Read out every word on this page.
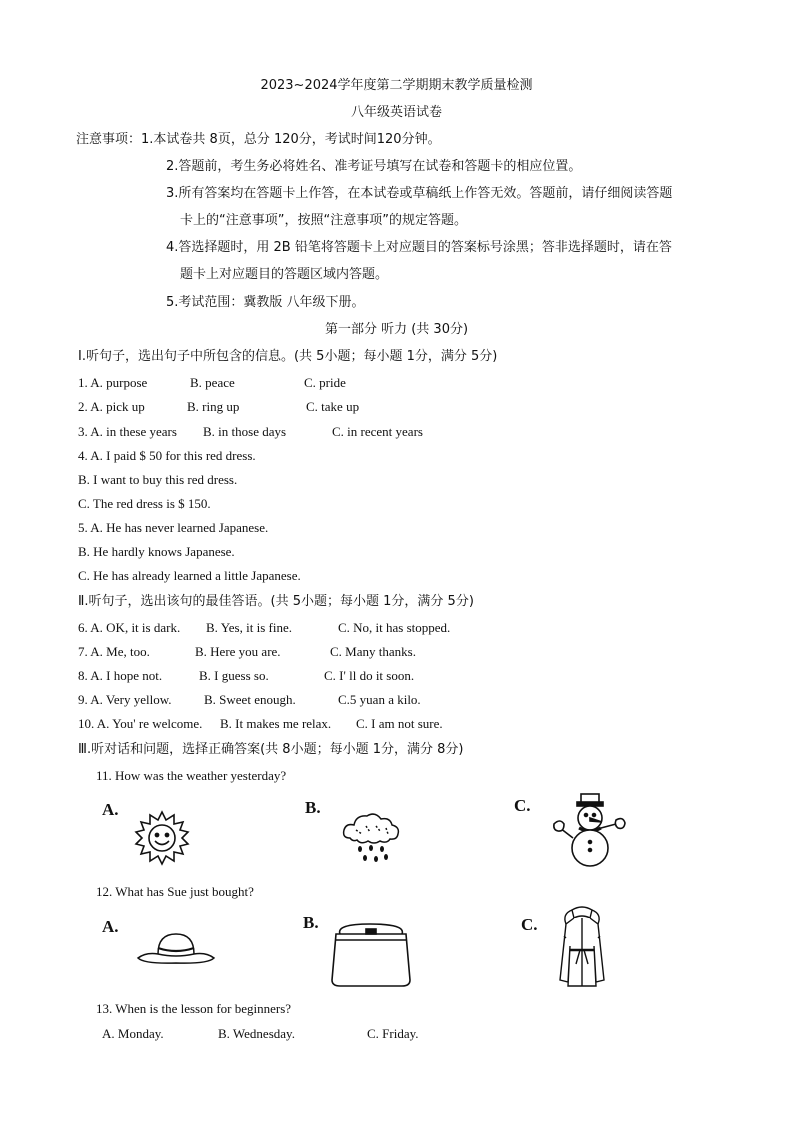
2023~2024学年度第二学期期末教学质量检测
八年级英语试卷
注意事项：1.本试卷共 8页，总分 120分，考试时间120分钟。
2.答题前，考生务必将姓名、准考证号填写在试卷和答题卡的相应位置。
3.所有答案均在答题卡上作答，在本试卷或草稿纸上作答无效。答题前，请仔细阅读答题
卡上的“注意事项”，按照“注意事项”的规定答题。
4.答选择题时，用 2B 铅笔将答题卡上对应题目的答案标号涂黑；答非选择题时，请在答
题卡上对应题目的答题区域内答题。
5.考试范围：冀教版 八年级下册。
第一部分 听力 (共 30分)
Ⅰ.听句子，选出句子中所包含的信息。(共 5小题；每小题 1分，满分 5分)
1. A. purpose	B. peace	C. pride
2. A. pick up	B. ring up	C. take up
3. A. in these years B. in those days	C. in recent years
4. A. I paid $ 50 for this red dress.
B. I want to buy this red dress.
C. The red dress is $ 150.
5. A. He has never learned Japanese.
B. He hardly knows Japanese.
C. He has already learned a little Japanese.
Ⅱ.听句子，选出该句的最佳答语。(共 5小题；每小题 1分，满分 5分)
6. A. OK, it is dark. B. Yes, it is fine.	C. No, it has stopped.
7. A. Me, too.	B. Here you are.	C. Many thanks.
8. A. I hope not.	B. I guess so.	C. I' ll do it soon.
9. A. Very yellow. B. Sweet enough.	C.5 yuan a kilo.
10. A. You' re welcome. B. It makes me relax. C. I am not sure.
Ⅲ.听对话和问题，选择正确答案(共 8小题；每小题 1分，满分 8分)
11. How was the weather yesterday?
A.	B.	C.
12. What has Sue just bought?
A.	B.	C.
13. When is the lesson for beginners?
A. Monday.	B. Wednesday.	C. Friday.
